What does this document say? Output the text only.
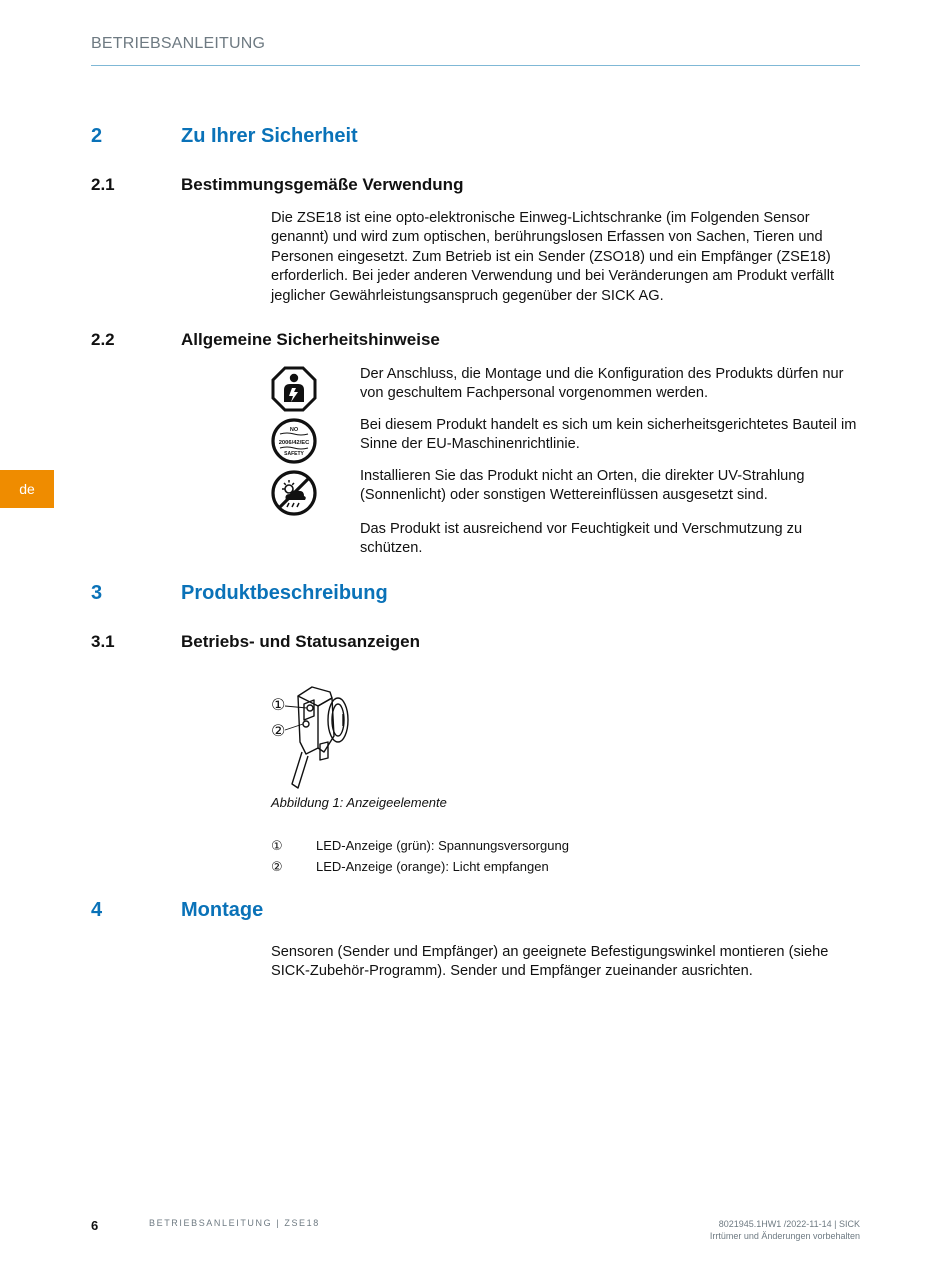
BETRIEBSANLEITUNG
de
2	Zu Ihrer Sicherheit
2.1	Bestimmungsgemäße Verwendung
Die ZSE18 ist eine opto-elektronische Einweg-Lichtschranke (im Folgenden Sensor genannt) und wird zum optischen, berührungslosen Erfassen von Sachen, Tieren und Personen eingesetzt. Zum Betrieb ist ein Sender (ZSO18) und ein Empfänger (ZSE18) erforderlich. Bei jeder anderen Verwendung und bei Veränderungen am Produkt verfällt jeglicher Gewährleistungsanspruch gegenüber der SICK AG.
2.2	Allgemeine Sicherheitshinweise
NO
2006/42/EC
SAFETY
Der Anschluss, die Montage und die Konfiguration des Produkts dürfen nur von geschultem Fachpersonal vorgenommen werden.
Bei diesem Produkt handelt es sich um kein sicherheitsgerichtetes Bauteil im Sinne der EU-Maschinenrichtlinie.
Installieren Sie das Produkt nicht an Orten, die direkter UV-Strahlung (Sonnenlicht) oder sonstigen Wettereinflüssen ausgesetzt sind.
Das Produkt ist ausreichend vor Feuchtigkeit und Verschmutzung zu schützen.
3	Produktbeschreibung
3.1	Betriebs- und Statusanzeigen
①
②
Abbildung 1: Anzeigeelemente
①	LED-Anzeige (grün): Spannungsversorgung
②	LED-Anzeige (orange): Licht empfangen
4	Montage
Sensoren (Sender und Empfänger) an geeignete Befestigungswinkel montieren (siehe SICK-Zubehör-Programm). Sender und Empfänger zueinander ausrichten.
6	BETRIEBSANLEITUNG | ZSE18	8021945.1HW1 /2022-11-14 | SICK
Irrtümer und Änderungen vorbehalten
